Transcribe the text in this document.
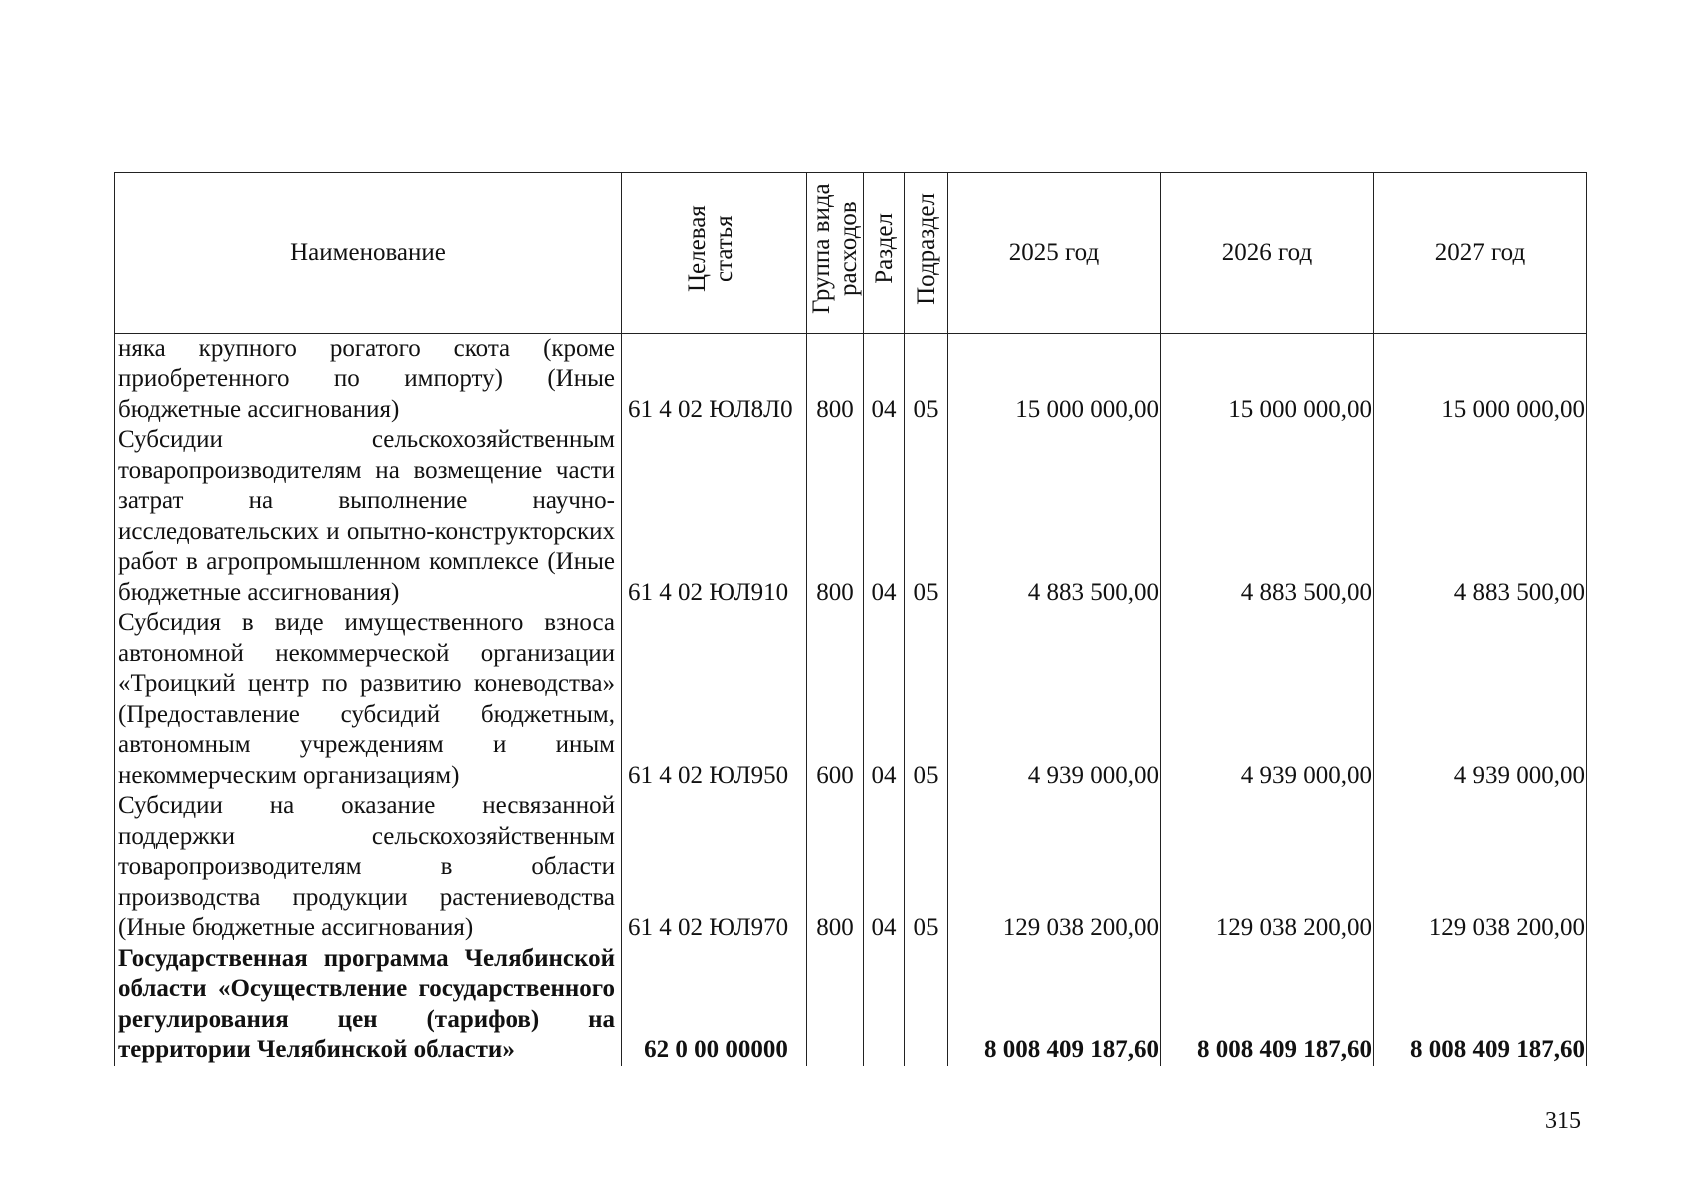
Наименование	Целевая статья	Группа вида расходов	Раздел	Подраздел	2025 год	2026 год	2027 год
няка крупного рогатого скота (кроме приобретенного по импорту) (Иные бюджетные ассигнования)	61 4 02 ЮЛ8Л0	800	04	05	15 000 000,00	15 000 000,00	15 000 000,00
Субсидии сельскохозяйственным товаропроизводителям на возмещение части затрат на выполнение научно-исследовательских и опытно-конструкторских работ в агропромышленном комплексе (Иные бюджетные ассигнования)	61 4 02 ЮЛ910	800	04	05	4 883 500,00	4 883 500,00	4 883 500,00
Субсидия в виде имущественного взноса автономной некоммерческой организации «Троицкий центр по развитию коневодства» (Предоставление субсидий бюджетным, автономным учреждениям и иным некоммерческим организациям)	61 4 02 ЮЛ950	600	04	05	4 939 000,00	4 939 000,00	4 939 000,00
Субсидии на оказание несвязанной поддержки сельскохозяйственным товаропроизводителям в области производства продукции растениеводства (Иные бюджетные ассигнования)	61 4 02 ЮЛ970	800	04	05	129 038 200,00	129 038 200,00	129 038 200,00
Государственная программа Челябинской области «Осуществление государственного регулирования цен (тарифов) на территории Челябинской области»	62 0 00 00000				8 008 409 187,60	8 008 409 187,60	8 008 409 187,60
315
